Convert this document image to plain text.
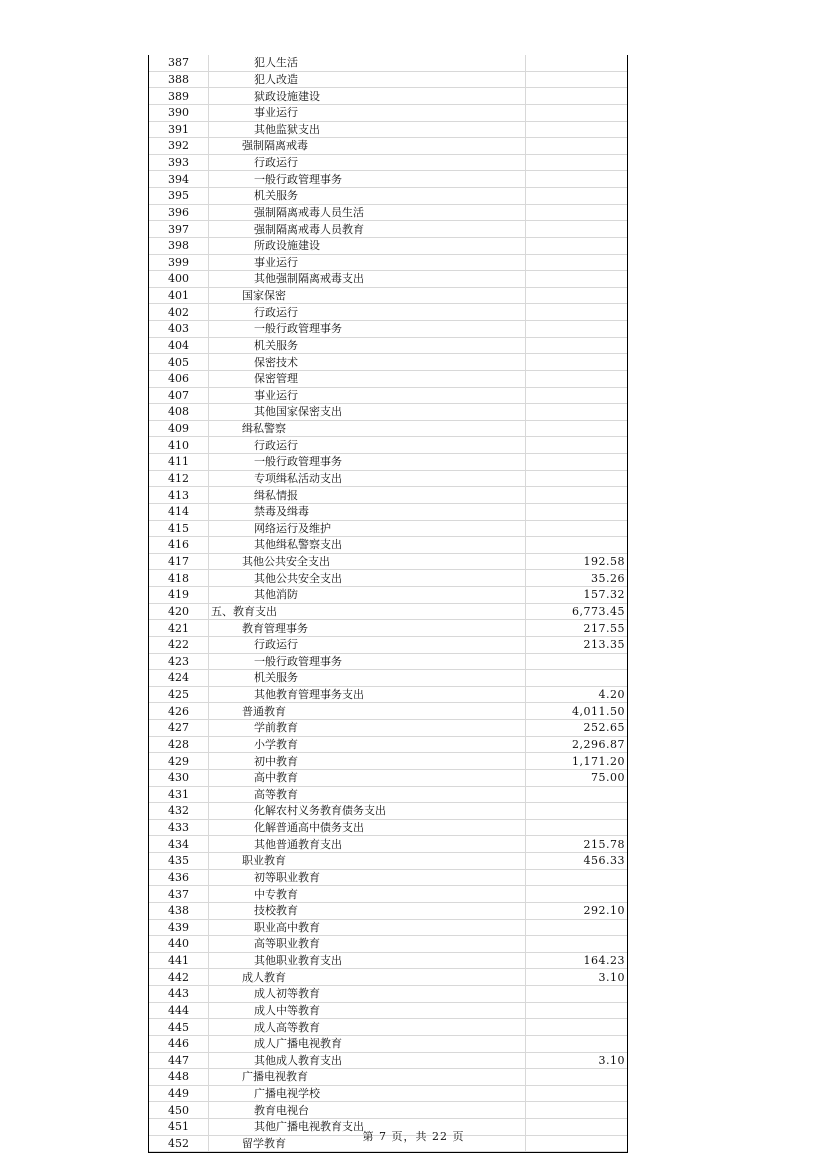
387	犯人生活	
388	犯人改造	
389	狱政设施建设	
390	事业运行	
391	其他监狱支出	
392	强制隔离戒毒	
393	行政运行	
394	一般行政管理事务	
395	机关服务	
396	强制隔离戒毒人员生活	
397	强制隔离戒毒人员教育	
398	所政设施建设	
399	事业运行	
400	其他强制隔离戒毒支出	
401	国家保密	
402	行政运行	
403	一般行政管理事务	
404	机关服务	
405	保密技术	
406	保密管理	
407	事业运行	
408	其他国家保密支出	
409	缉私警察	
410	行政运行	
411	一般行政管理事务	
412	专项缉私活动支出	
413	缉私情报	
414	禁毒及缉毒	
415	网络运行及维护	
416	其他缉私警察支出	
417	其他公共安全支出	192.58
418	其他公共安全支出	35.26
419	其他消防	157.32
420	五、教育支出	6,773.45
421	教育管理事务	217.55
422	行政运行	213.35
423	一般行政管理事务	
424	机关服务	
425	其他教育管理事务支出	4.20
426	普通教育	4,011.50
427	学前教育	252.65
428	小学教育	2,296.87
429	初中教育	1,171.20
430	高中教育	75.00
431	高等教育	
432	化解农村义务教育债务支出	
433	化解普通高中债务支出	
434	其他普通教育支出	215.78
435	职业教育	456.33
436	初等职业教育	
437	中专教育	
438	技校教育	292.10
439	职业高中教育	
440	高等职业教育	
441	其他职业教育支出	164.23
442	成人教育	3.10
443	成人初等教育	
444	成人中等教育	
445	成人高等教育	
446	成人广播电视教育	
447	其他成人教育支出	3.10
448	广播电视教育	
449	广播电视学校	
450	教育电视台	
451	其他广播电视教育支出	
452	留学教育	
第 7 页，共 22 页
